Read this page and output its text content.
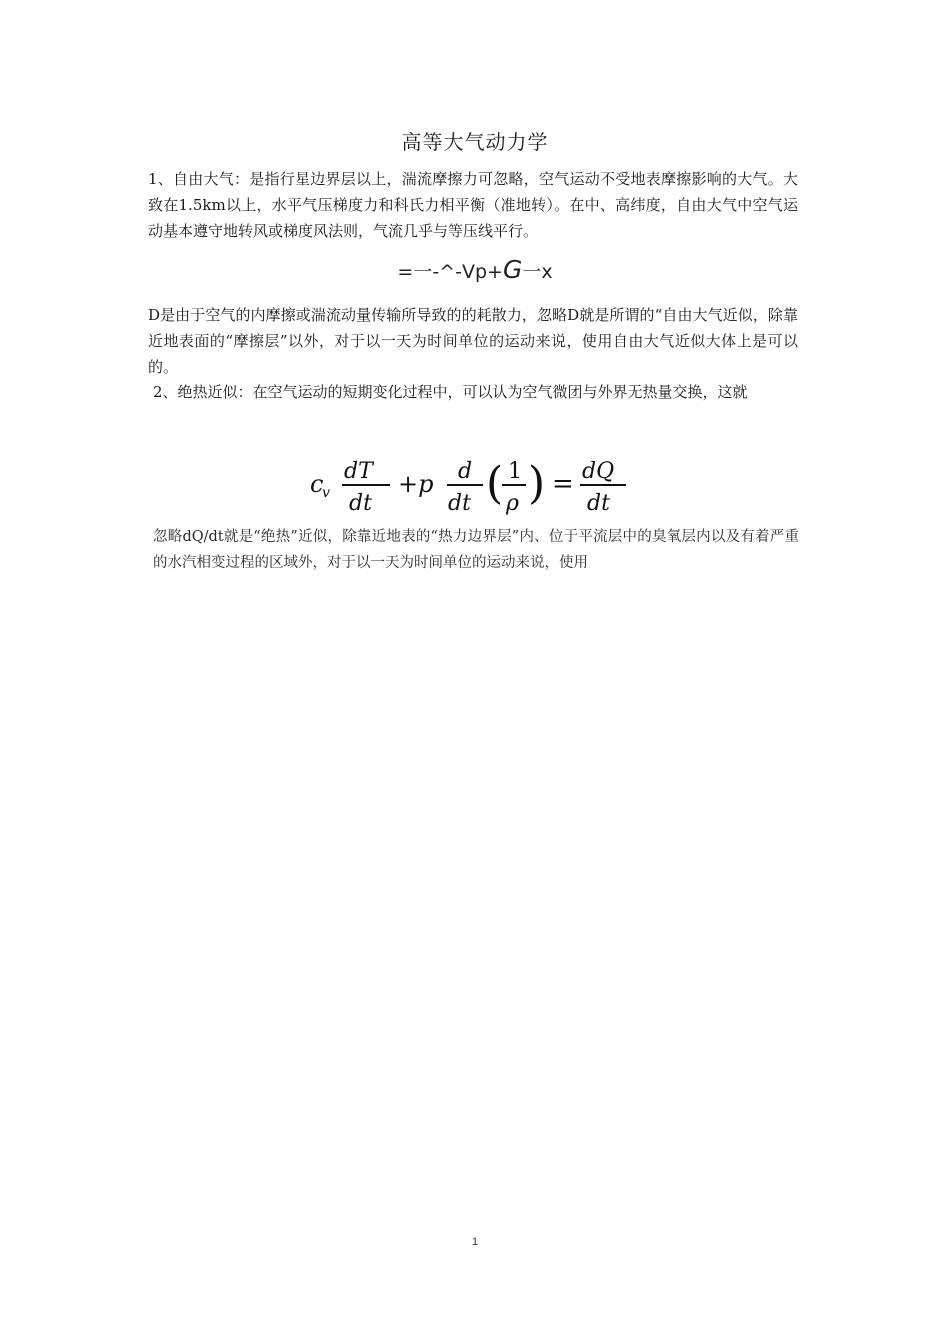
高等大气动力学
1、自由大气：是指行星边界层以上，湍流摩擦力可忽略，空气运动不受地表摩擦影响的大气。大致在1.5km以上，水平气压梯度力和科氏力相平衡（准地转）。在中、高纬度，自由大气中空气运动基本遵守地转风或梯度风法则，气流几乎与等压线平行。
=一-^-Vp+G一x
D是由于空气的内摩擦或湍流动量传输所导致的的耗散力，忽略D就是所谓的“自由大气近似，除靠近地表面的“摩擦层”以外，对于以一天为时间单位的运动来说，使用自由大气近似大体上是可以的。
2、绝热近似：在空气运动的短期变化过程中，可以认为空气微团与外界无热量交换，这就
c
v
dT
dt
+p d
dt ( 1
ρ ) = dQ
dt
忽略dQ/dt就是“绝热”近似，除靠近地表的“热力边界层”内、位于平流层中的臭氧层内以及有着严重的水汽相变过程的区域外，对于以一天为时间单位的运动来说，使用
1
